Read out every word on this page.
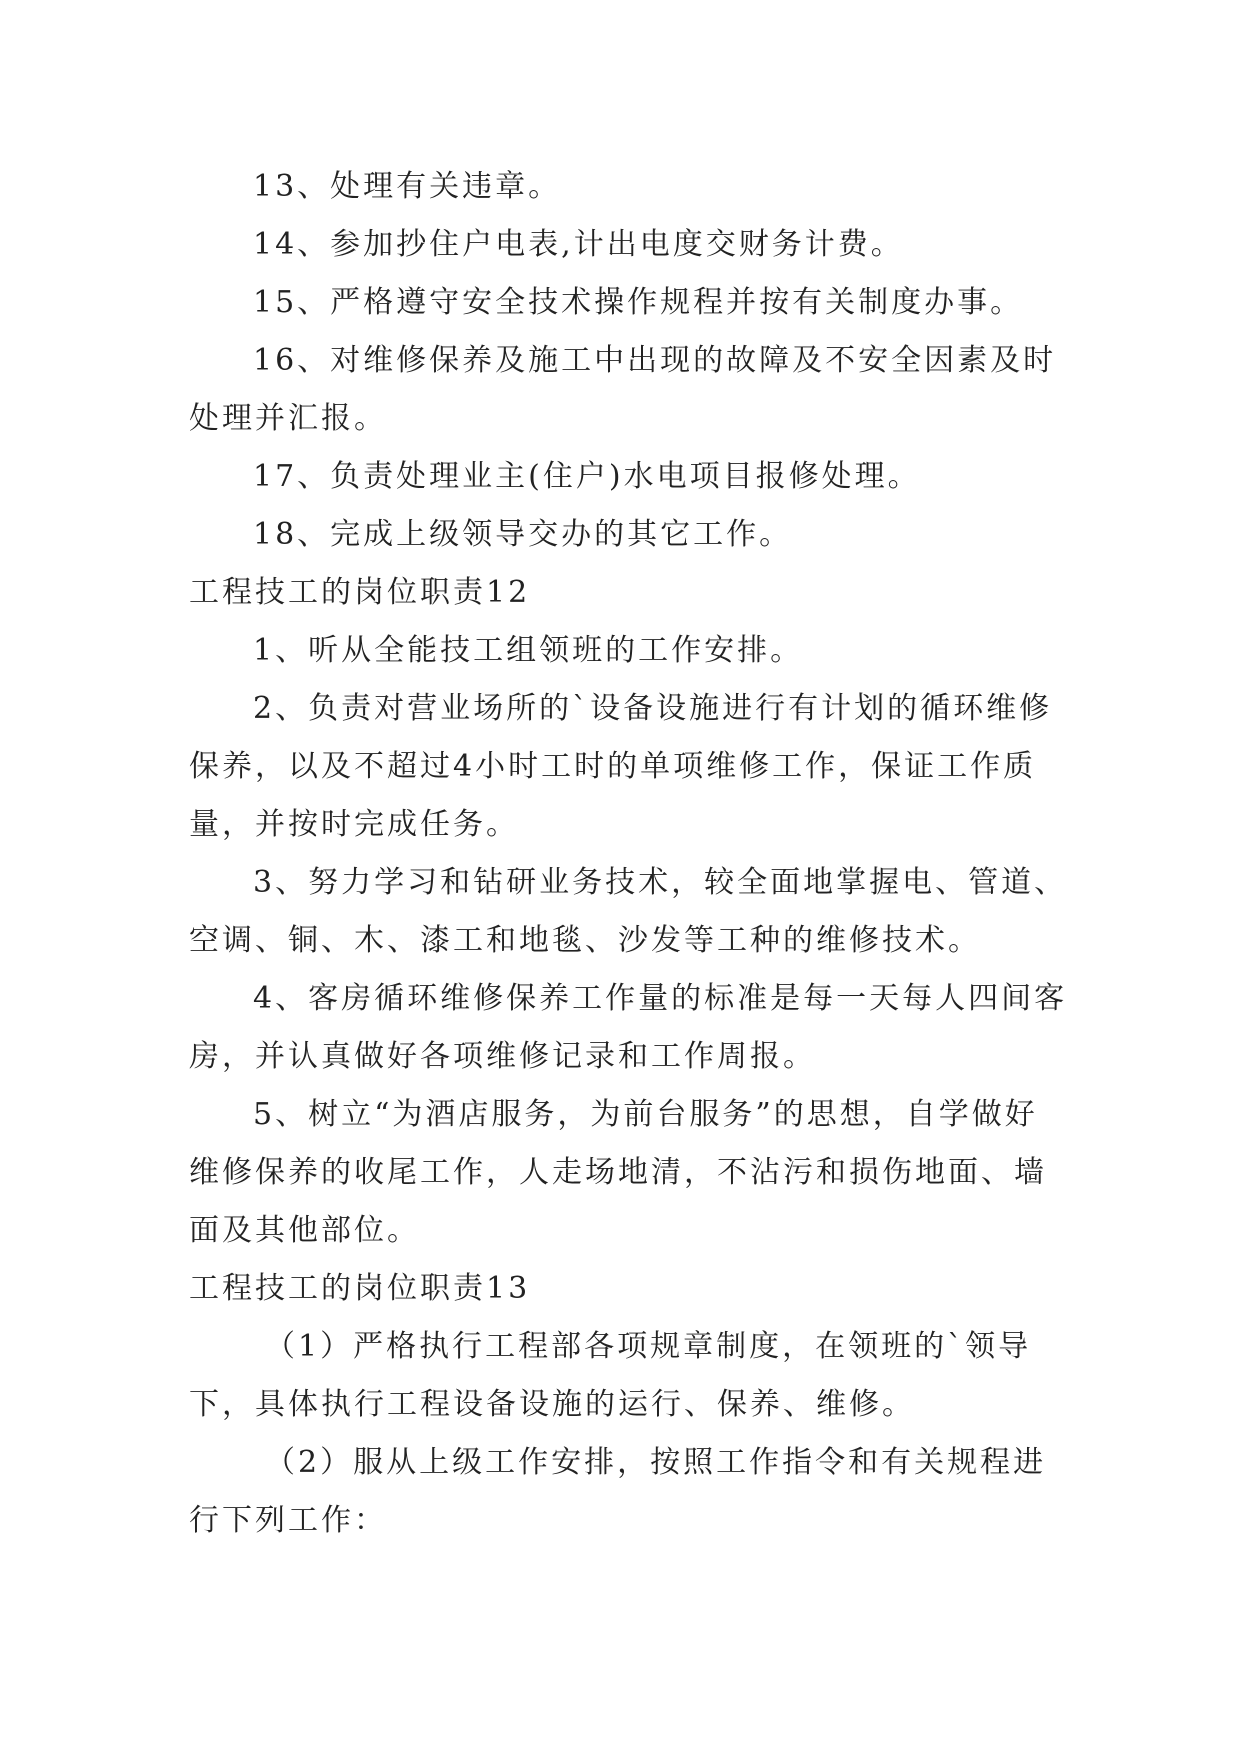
13、处理有关违章。

14、参加抄住户电表,计出电度交财务计费。

15、严格遵守安全技术操作规程并按有关制度办事。

16、对维修保养及施工中出现的故障及不安全因素及时处理并汇报。

17、负责处理业主(住户)水电项目报修处理。

18、完成上级领导交办的其它工作。

工程技工的岗位职责12

1、听从全能技工组领班的工作安排。

2、负责对营业场所的`设备设施进行有计划的循环维修保养，以及不超过4小时工时的单项维修工作，保证工作质量，并按时完成任务。

3、努力学习和钻研业务技术，较全面地掌握电、管道、空调、铜、木、漆工和地毯、沙发等工种的维修技术。

4、客房循环维修保养工作量的标准是每一天每人四间客房，并认真做好各项维修记录和工作周报。

5、树立“为酒店服务，为前台服务”的思想，自学做好维修保养的收尾工作，人走场地清，不沾污和损伤地面、墙面及其他部位。

工程技工的岗位职责13

（1）严格执行工程部各项规章制度，在领班的`领导下，具体执行工程设备设施的运行、保养、维修。

（2）服从上级工作安排，按照工作指令和有关规程进行下列工作：
